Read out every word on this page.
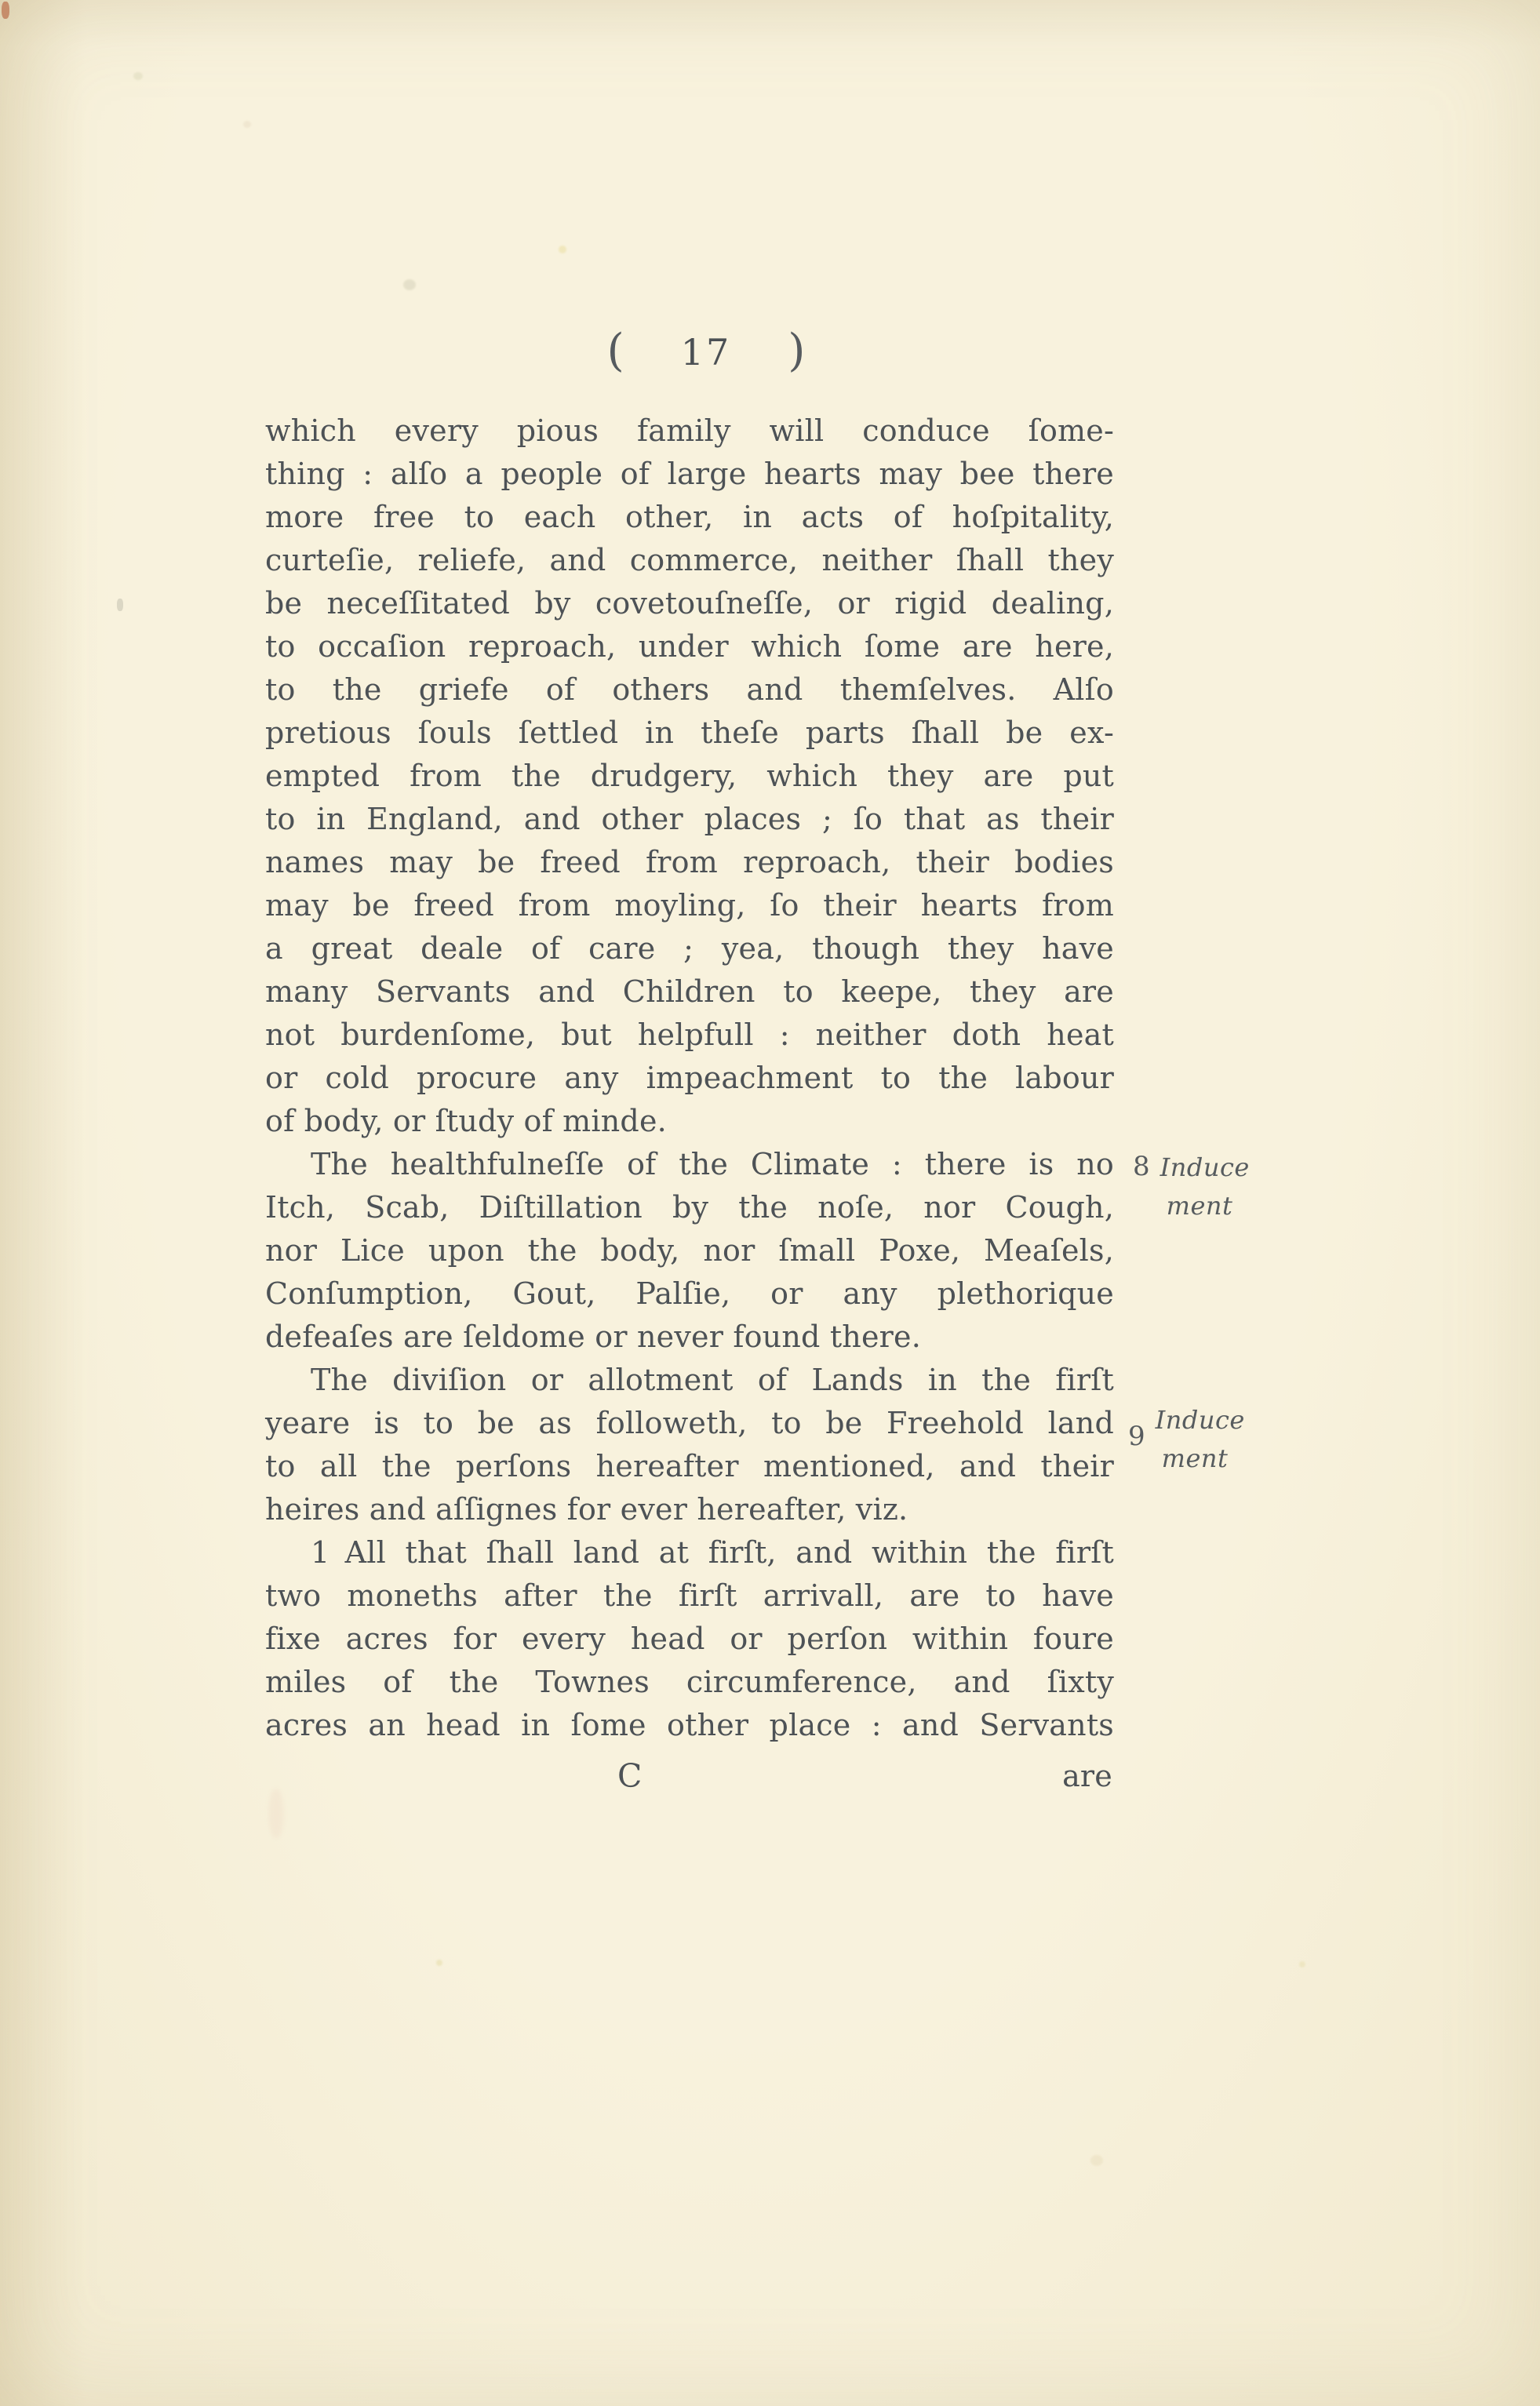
( 17 )
which every pious family will conduce ſome-
thing : alſo a people of large hearts may bee there
more free to each other, in acts of hoſpitality,
curteſie, reliefe, and commerce, neither ſhall they
be neceſſitated by covetouſneſſe, or rigid dealing,
to occaſion reproach, under which ſome are here,
to the griefe of others and themſelves. Alſo
pretious ſouls ſettled in theſe parts ſhall be ex-
empted from the drudgery, which they are put
to in England, and other places ; ſo that as their
names may be freed from reproach, their bodies
may be freed from moyling, ſo their hearts from
a great deale of care ; yea, though they have
many Servants and Children to keepe, they are
not burdenſome, but helpfull : neither doth heat
or cold procure any impeachment to the labour
of body, or ſtudy of minde.
The healthfulneſſe of the Climate : there is no
Itch, Scab, Diſtillation by the noſe, nor Cough,
nor Lice upon the body, nor ſmall Poxe, Meaſels,
Conſumption, Gout, Palſie, or any plethorique
defeaſes are ſeldome or never found there.
The diviſion or allotment of Lands in the firſt
yeare is to be as followeth, to be Freehold land
to all the perſons hereafter mentioned, and their
heires and aſſignes for ever hereafter, viz.
1 All that ſhall land at firſt, and within the firſt
two moneths after the firſt arrivall, are to have
fixe acres for every head or perſon within foure
miles of the Townes circumference, and ſixty
acres an head in ſome other place : and Servants
C	are
8 Induce
ment
9
Induce
ment
